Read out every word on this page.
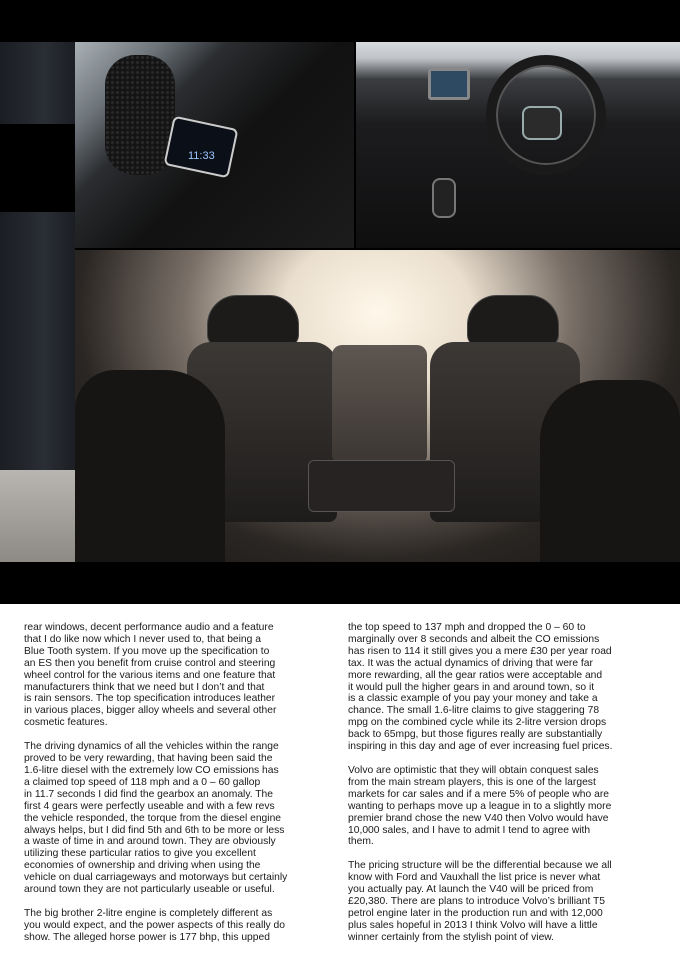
11:33

rear windows, decent performance audio and a feature
that I do like now which I never used to, that being a
Blue Tooth system. If you move up the specification to
an ES then you benefit from cruise control and steering
wheel control for the various items and one feature that
manufacturers think that we need but I don’t and that
is rain sensors. The top specification introduces leather
in various places, bigger alloy wheels and several other
cosmetic features.

The driving dynamics of all the vehicles within the range
proved to be very rewarding, that having been said the
1.6-litre diesel with the extremely low CO emissions has
a claimed top speed of 118 mph and a 0 – 60 gallop
in 11.7 seconds I did find the gearbox an anomaly. The
first 4 gears were perfectly useable and with a few revs
the vehicle responded, the torque from the diesel engine
always helps, but I did find 5th and 6th to be more or less
a waste of time in and around town. They are obviously
utilizing these particular ratios to give you excellent
economies of ownership and driving when using the
vehicle on dual carriageways and motorways but certainly
around town they are not particularly useable or useful.

The big brother 2-litre engine is completely different as
you would expect, and the power aspects of this really do
show. The alleged horse power is 177 bhp, this upped

the top speed to 137 mph and dropped the 0 – 60 to
marginally over 8 seconds and albeit the CO emissions
has risen to 114 it still gives you a mere £30 per year road
tax. It was the actual dynamics of driving that were far
more rewarding, all the gear ratios were acceptable and
it would pull the higher gears in and around town, so it
is a classic example of you pay your money and take a
chance. The small 1.6-litre claims to give staggering 78
mpg on the combined cycle while its 2-litre version drops
back to 65mpg, but those figures really are substantially
inspiring in this day and age of ever increasing fuel prices.

Volvo are optimistic that they will obtain conquest sales
from the main stream players, this is one of the largest
markets for car sales and if a mere 5% of people who are
wanting to perhaps move up a league in to a slightly more
premier brand chose the new V40 then Volvo would have
10,000 sales, and I have to admit I tend to agree with
them.

The pricing structure will be the differential because we all
know with Ford and Vauxhall the list price is never what
you actually pay. At launch the V40 will be priced from
£20,380. There are plans to introduce Volvo’s brilliant T5
petrol engine later in the production run and with 12,000
plus sales hopeful in 2013 I think Volvo will have a little
winner certainly from the stylish point of view.
